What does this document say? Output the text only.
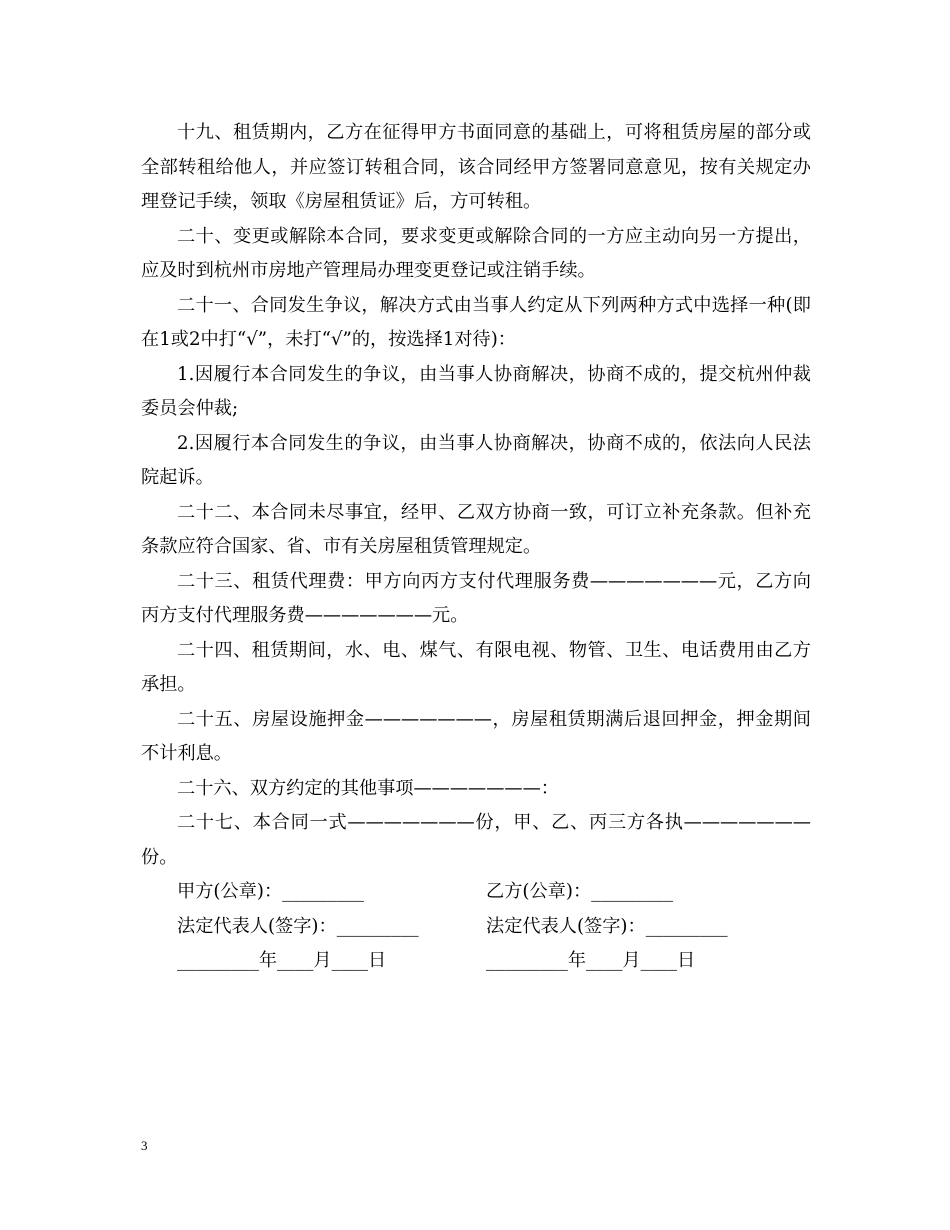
十九、租赁期内，乙方在征得甲方书面同意的基础上，可将租赁房屋的部分或全部转租给他人，并应签订转租合同，该合同经甲方签署同意意见，按有关规定办理登记手续，领取《房屋租赁证》后，方可转租。

二十、变更或解除本合同，要求变更或解除合同的一方应主动向另一方提出，应及时到杭州市房地产管理局办理变更登记或注销手续。

二十一、合同发生争议，解决方式由当事人约定从下列两种方式中选择一种(即在1或2中打“√”，未打“√”的，按选择1对待)：

1.因履行本合同发生的争议，由当事人协商解决，协商不成的，提交杭州仲裁委员会仲裁;

2.因履行本合同发生的争议，由当事人协商解决，协商不成的，依法向人民法院起诉。

二十二、本合同未尽事宜，经甲、乙双方协商一致，可订立补充条款。但补充条款应符合国家、省、市有关房屋租赁管理规定。

二十三、租赁代理费：甲方向丙方支付代理服务费———————元，乙方向丙方支付代理服务费———————元。

二十四、租赁期间，水、电、煤气、有限电视、物管、卫生、电话费用由乙方承担。

二十五、房屋设施押金———————，房屋租赁期满后退回押金，押金期间不计利息。

二十六、双方约定的其他事项———————：

二十七、本合同一式———————份，甲、乙、丙三方各执———————份。

甲方(公章)：_________	乙方(公章)：_________
法定代表人(签字)：_________	法定代表人(签字)：_________
_________年____月____日	_________年____月____日
3
